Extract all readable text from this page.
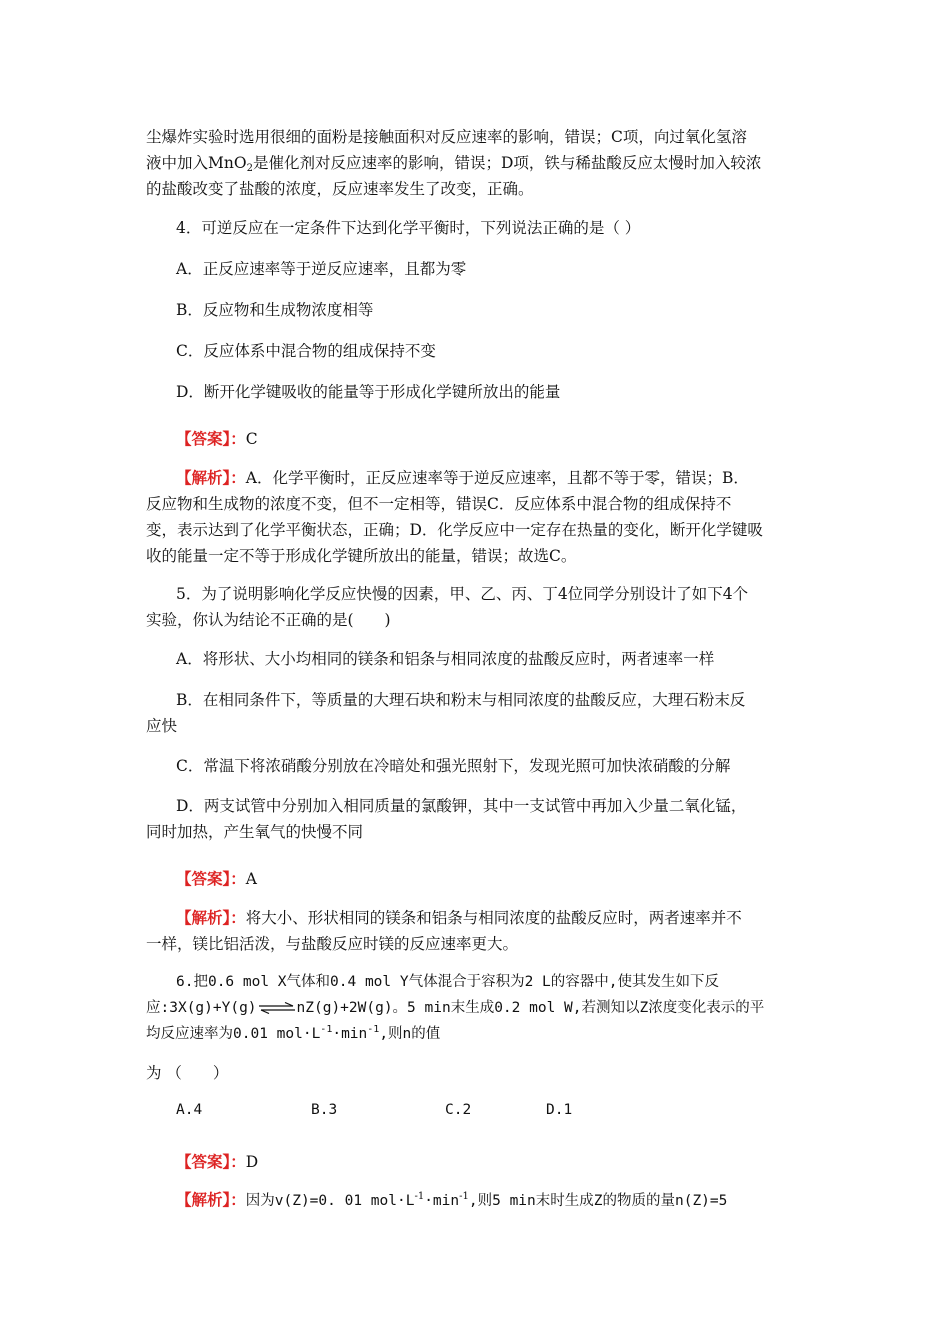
尘爆炸实验时选用很细的面粉是接触面积对反应速率的影响，错误；C项，向过氧化氢溶
液中加入MnO$_2$是催化剂对反应速率的影响，错误；D项，铁与稀盐酸反应太慢时加入较浓
的盐酸改变了盐酸的浓度，反应速率发生了改变，正确。
4．可逆反应在一定条件下达到化学平衡时，下列说法正确的是（ ）
A．正反应速率等于逆反应速率，且都为零
B．反应物和生成物浓度相等
C．反应体系中混合物的组成保持不变
D．断开化学键吸收的能量等于形成化学键所放出的能量
【答案】：C
【解析】：A．化学平衡时，正反应速率等于逆反应速率，且都不等于零，错误；B．
反应物和生成物的浓度不变，但不一定相等，错误C．反应体系中混合物的组成保持不
变，表示达到了化学平衡状态，正确；D．化学反应中一定存在热量的变化，断开化学键吸
收的能量一定不等于形成化学键所放出的能量，错误；故选C。
5．为了说明影响化学反应快慢的因素，甲、乙、丙、丁4位同学分别设计了如下4个
实验，你认为结论不正确的是(　　)
A．将形状、大小均相同的镁条和铝条与相同浓度的盐酸反应时，两者速率一样
B．在相同条件下，等质量的大理石块和粉末与相同浓度的盐酸反应，大理石粉末反
应快
C．常温下将浓硝酸分别放在冷暗处和强光照射下，发现光照可加快浓硝酸的分解
D．两支试管中分别加入相同质量的氯酸钾，其中一支试管中再加入少量二氧化锰，
同时加热，产生氧气的快慢不同
【答案】：A
【解析】：将大小、形状相同的镁条和铝条与相同浓度的盐酸反应时，两者速率并不
一样，镁比铝活泼，与盐酸反应时镁的反应速率更大。
6.把0.6 mol X气体和0.4 mol Y气体混合于容积为2 L的容器中,使其发生如下反
应:3X(g)+Y(g)⇌nZ(g)+2W(g)。5 min末生成0.2 mol W,若测知以Z浓度变化表示的平
均反应速率为0.01 $mol\cdot L^{-1}\cdot\min^{-1}$,则n的值
为 （　　）
A.4	B.3	C.2	D.1
【答案】：D
【解析】：因为v(Z)=0. 01 $mol\cdot L^{-1}\cdot\min^{-1}$,则5 min末时生成Z的物质的量n(Z)=5
